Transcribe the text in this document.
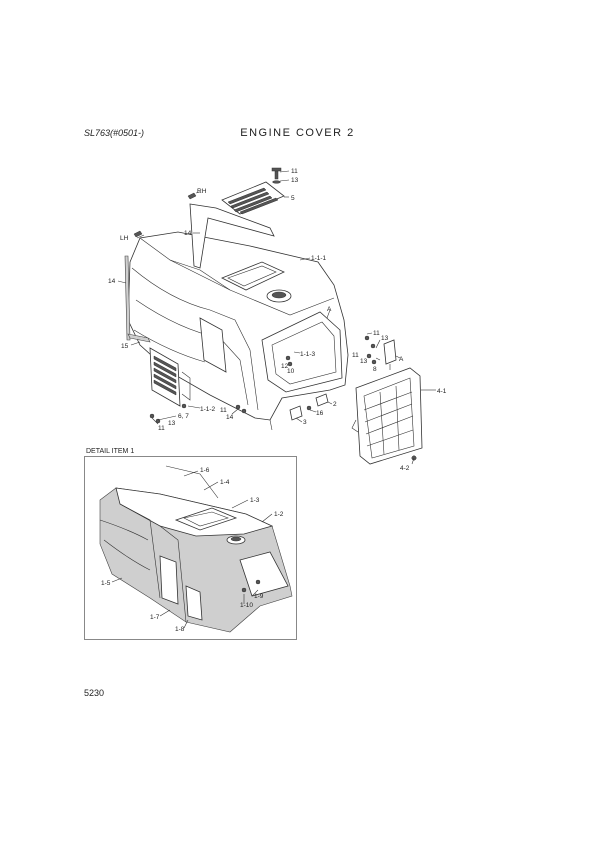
SL763(#0501-)	ENGINE COVER 2
DETAIL ITEM 1
5230
11
13
5
RH
LH
14
14
1-1-1
15
1-1-3
12
10
A
11
13
11
13
8
A
4-1
2
16
3
1-1-2
14
11
6, 7
13
11
4-2
1-6
1-4
1-3
1-2
1-5
1-9
1-10
1-7
1-8
